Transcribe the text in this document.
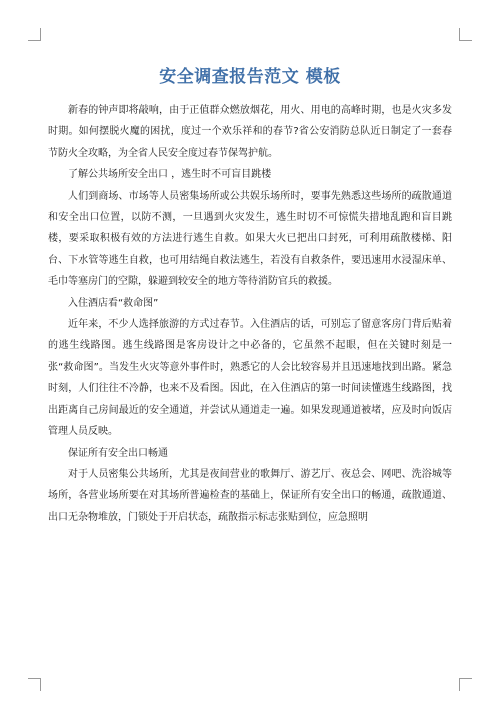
安全调查报告范文 模板

新春的钟声即将敲响，由于正值群众燃放烟花，用火、用电的高峰时期，也是火灾多发时期。如何摆脱火魔的困扰，度过一个欢乐祥和的春节?省公安消防总队近日制定了一套春节防火全攻略，为全省人民安全度过春节保驾护航。

了解公共场所安全出口 ，逃生时不可盲目跳楼

人们到商场、市场等人员密集场所或公共娱乐场所时，要事先熟悉这些场所的疏散通道和安全出口位置，以防不测，一旦遇到火灾发生，逃生时切不可惊慌失措地乱跑和盲目跳楼，要采取积极有效的方法进行逃生自救。如果大火已把出口封死，可利用疏散楼梯、阳台、下水管等逃生自救，也可用结绳自救法逃生，若没有自救条件，要迅速用水浸湿床单、毛巾等塞房门的空隙，躲避到较安全的地方等待消防官兵的救援。

入住酒店看“救命图”

近年来，不少人选择旅游的方式过春节。入住酒店的话，可别忘了留意客房门背后贴着的逃生线路图。逃生线路图是客房设计之中必备的，它虽然不起眼，但在关键时刻是一张“救命图”。当发生火灾等意外事件时，熟悉它的人会比较容易并且迅速地找到出路。紧急时刻，人们往往不冷静，也来不及看图。因此，在入住酒店的第一时间读懂逃生线路图，找出距离自己房间最近的安全通道，并尝试从通道走一遍。如果发现通道被堵，应及时向饭店管理人员反映。

保证所有安全出口畅通

对于人员密集公共场所，尤其是夜间营业的歌舞厅、游艺厅、夜总会、网吧、洗浴城等场所，各营业场所要在对其场所普遍检查的基础上，保证所有安全出口的畅通，疏散通道、出口无杂物堆放，门锁处于开启状态，疏散指示标志张贴到位，应急照明
